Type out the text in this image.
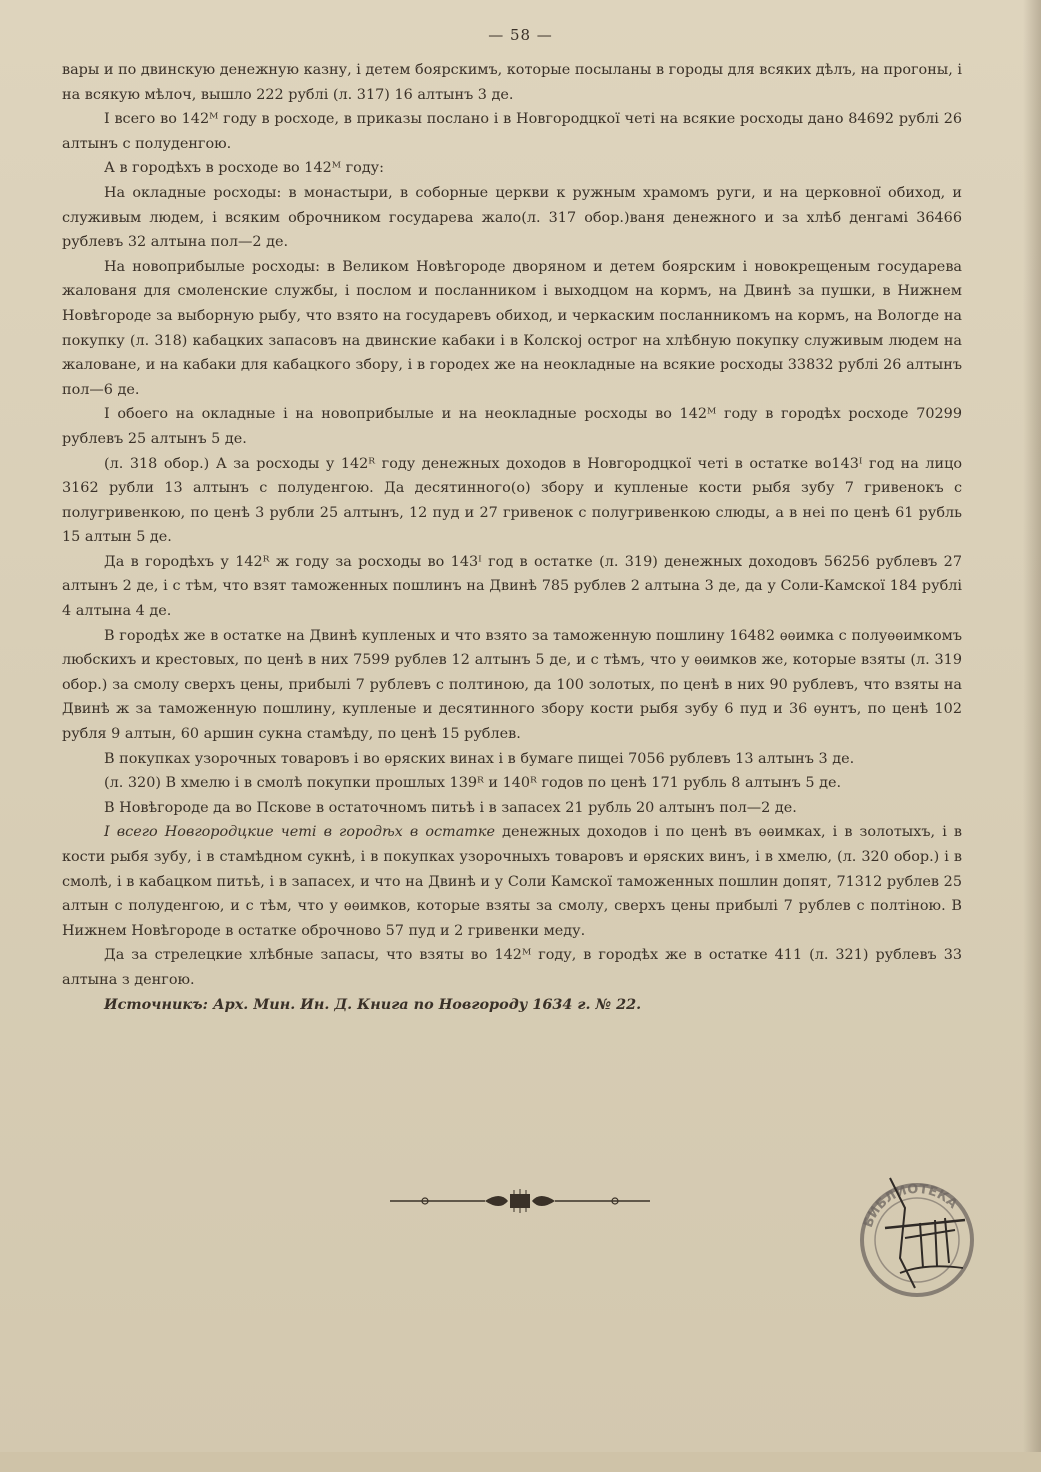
— 58 —

вары и по двинскую денежную казну, і детем боярскимъ, которые посыланы в городы для всяких дѣлъ, на прогоны, і на всякую мѣлоч, вышло 222 рублі (л. 317) 16 алтынъ 3 де.

I всего во 142ᴹ году в росходе, в приказы послано і в Новгородцкої четі на всякие росходы дано 84692 рублі 26 алтынъ с полуденгою.

А в городѣхъ в росходе во 142ᴹ году:

На окладные росходы: в монастыри, в соборные церкви к ружным храмомъ руги, и на церковної обиход, и служивым людем, і всяким оброчником государева жало(л. 317 обор.)ваня денежного и за хлѣб денгамі 36466 рублевъ 32 алтына пол—2 де.

На новоприбылые росходы: в Великом Новѣгороде дворяном и детем боярским і новокрещеным государева жалованя для смоленские службы, і послом и посланником і выходцом на кормъ, на Двинѣ за пушки, в Нижнем Новѣгороде за выборную рыбу, что взято на государевъ обиход, и черкаским посланникомъ на кормъ, на Вологде на покупку (л. 318) кабацких запасовъ на двинские кабаки і в Колској острог на хлѣбную покупку служивым людем на жаловане, и на кабаки для кабацкого збору, і в городех же на неокладные на всякие росходы 33832 рублі 26 алтынъ пол—6 де.

I обоего на окладные і на новоприбылые и на неокладные росходы во 142ᴹ году в городѣх росходе 70299 рублевъ 25 алтынъ 5 де.

(л. 318 обор.) А за росходы у 142ᴿ году денежных доходов в Новгородцкої четі в остатке во143ᴵ год на лицо 3162 рубли 13 алтынъ с полуденгою. Да десятинного(о) збору и купленые кости рыбя зубу 7 гривенокъ с полугривенкою, по ценѣ 3 рубли 25 алтынъ, 12 пуд и 27 гривенок с полугривенкою слюды, а в неі по ценѣ 61 рубль 15 алтын 5 де.

Да в городѣхъ у 142ᴿ ж году за росходы во 143ᴵ год в остатке (л. 319) денежных доходовъ 56256 рублевъ 27 алтынъ 2 де, і с тѣм, что взят таможенных пошлинъ на Двинѣ 785 рублев 2 алтына 3 де, да у Соли-Камскої 184 рублі 4 алтына 4 де.

В городѣх же в остатке на Двинѣ купленых и что взято за таможенную пошлину 16482 ѳѳимка с полуѳѳимкомъ любскихъ и крестовых, по ценѣ в них 7599 рублев 12 алтынъ 5 де, и с тѣмъ, что у ѳѳимков же, которые взяты (л. 319 обор.) за смолу сверхъ цены, прибылі 7 рублевъ с полтиною, да 100 золотых, по ценѣ в них 90 рублевъ, что взяты на Двинѣ ж за таможенную пошлину, купленые и десятинного збору кости рыбя зубу 6 пуд и 36 ѳунтъ, по ценѣ 102 рубля 9 алтын, 60 аршин сукна стамѣду, по ценѣ 15 рублев.

В покупках узорочных товаровъ і во ѳряских винах і в бумаге пищеі 7056 рублевъ 13 алтынъ 3 де.

(л. 320) В хмелю і в смолѣ покупки прошлых 139ᴿ и 140ᴿ годов по ценѣ 171 рубль 8 алтынъ 5 де.

В Новѣгороде да во Пскове в остаточномъ питьѣ і в запасех 21 рубль 20 алтынъ пол—2 де.

I всего Новгородцкие четі в городѣх в остатке денежных доходов і по ценѣ въ ѳѳимках, і в золотыхъ, і в кости рыбя зубу, і в стамѣдном сукнѣ, і в покупках узорочныхъ товаровъ и ѳряских винъ, і в хмелю, (л. 320 обор.) і в смолѣ, і в кабацком питьѣ, і в запасех, и что на Двинѣ и у Соли Камскої таможенных пошлин допят, 71312 рублев 25 алтын с полуденгою, и с тѣм, что у ѳѳимков, которые взяты за смолу, сверхъ цены прибылі 7 рублев с полтіною. В Нижнем Новѣгороде в остатке оброчново 57 пуд и 2 гривенки меду.

Да за стрелецкие хлѣбные запасы, что взяты во 142ᴹ году, в городѣх же в остатке 411 (л. 321) рублевъ 33 алтына з денгою.

Источникъ: Арх. Мин. Ин. Д. Книга по Новгороду 1634 г. № 22.

БИБЛИОТЕКА
